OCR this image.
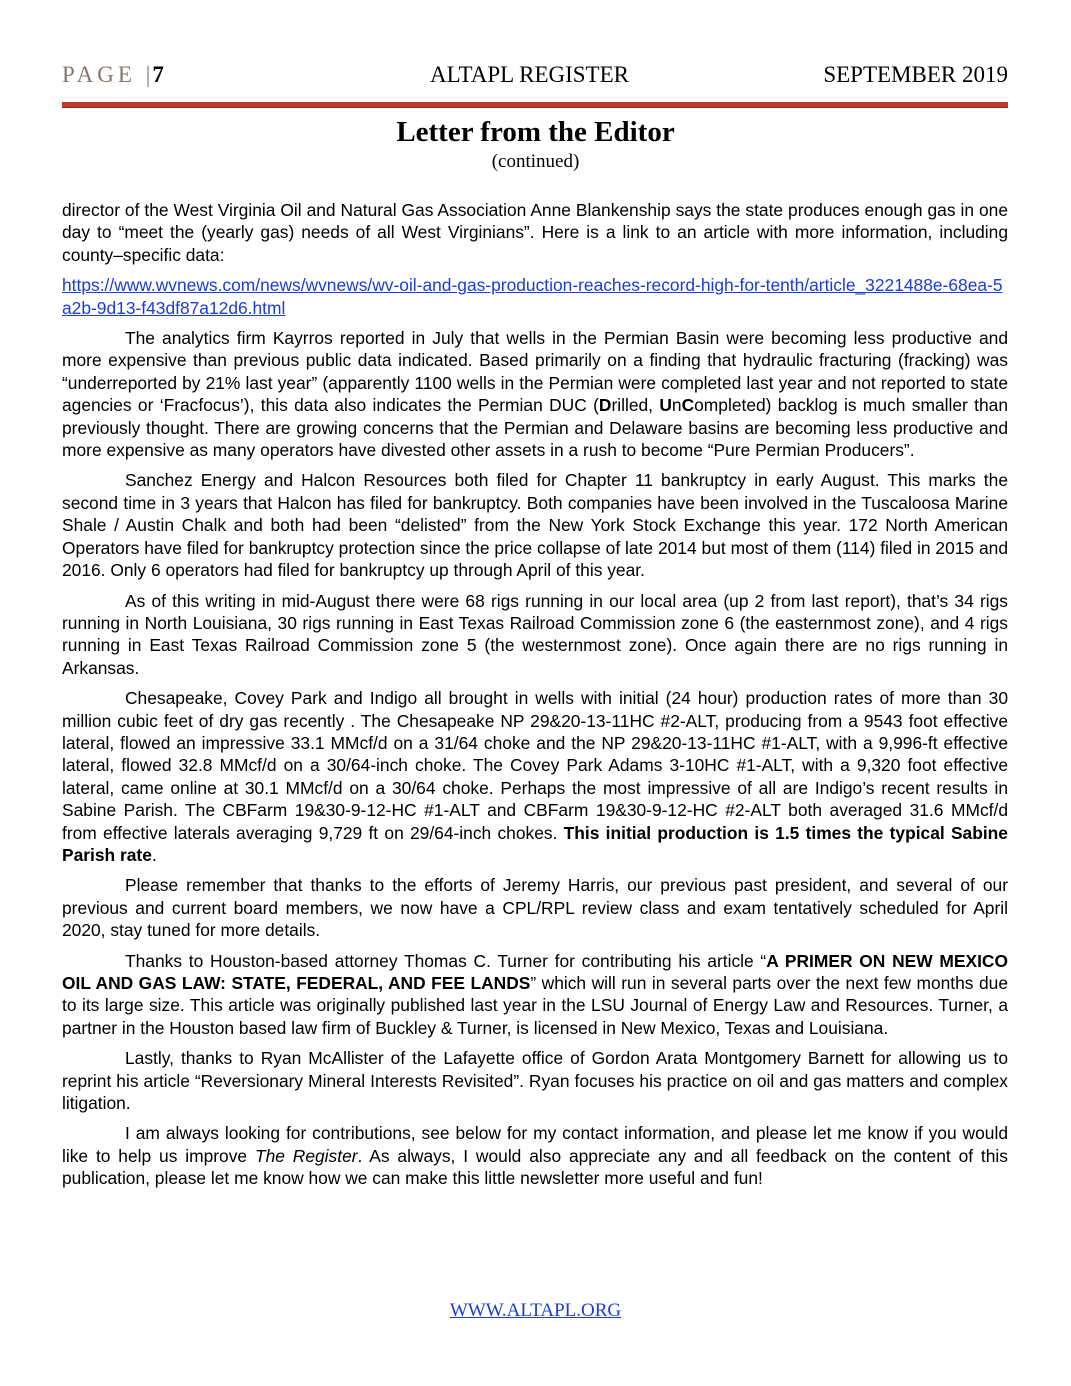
PAGE |7	ALTAPL REGISTER	SEPTEMBER 2019
Letter from the Editor
(continued)

director of the West Virginia Oil and Natural Gas Association Anne Blankenship says the state produces enough gas in one day to “meet the (yearly gas) needs of all West Virginians”. Here is a link to an article with more information, including county–specific data:

https://www.wvnews.com/news/wvnews/wv-oil-and-gas-production-reaches-record-high-for-tenth/article_3221488e-68ea-5a2b-9d13-f43df87a12d6.html

The analytics firm Kayrros reported in July that wells in the Permian Basin were becoming less productive and more expensive than previous public data indicated. Based primarily on a finding that hydraulic fracturing (fracking) was “underreported by 21% last year” (apparently 1100 wells in the Permian were completed last year and not reported to state agencies or ‘Fracfocus’), this data also indicates the Permian DUC (Drilled, UnCompleted) backlog is much smaller than previously thought. There are growing concerns that the Permian and Delaware basins are becoming less productive and more expensive as many operators have divested other assets in a rush to become “Pure Permian Producers”.

Sanchez Energy and Halcon Resources both filed for Chapter 11 bankruptcy in early August. This marks the second time in 3 years that Halcon has filed for bankruptcy. Both companies have been involved in the Tuscaloosa Marine Shale / Austin Chalk and both had been “delisted” from the New York Stock Exchange this year. 172 North American Operators have filed for bankruptcy protection since the price collapse of late 2014 but most of them (114) filed in 2015 and 2016. Only 6 operators had filed for bankruptcy up through April of this year.

As of this writing in mid-August there were 68 rigs running in our local area (up 2 from last report), that’s 34 rigs running in North Louisiana, 30 rigs running in East Texas Railroad Commission zone 6 (the easternmost zone), and 4 rigs running in East Texas Railroad Commission zone 5 (the westernmost zone). Once again there are no rigs running in Arkansas.

Chesapeake, Covey Park and Indigo all brought in wells with initial (24 hour) production rates of more than 30 million cubic feet of dry gas recently . The Chesapeake NP 29&20-13-11HC #2-ALT, producing from a 9543 foot effective lateral, flowed an impressive 33.1 MMcf/d on a 31/64 choke and the NP 29&20-13-11HC #1-ALT, with a 9,996-ft effective lateral, flowed 32.8 MMcf/d on a 30/64-inch choke. The Covey Park Adams 3-10HC #1-ALT, with a 9,320 foot effective lateral, came online at 30.1 MMcf/d on a 30/64 choke. Perhaps the most impressive of all are Indigo’s recent results in Sabine Parish. The CBFarm 19&30-9-12-HC #1-ALT and CBFarm 19&30-9-12-HC #2-ALT both averaged 31.6 MMcf/d from effective laterals averaging 9,729 ft on 29/64-inch chokes. This initial production is 1.5 times the typical Sabine Parish rate.

Please remember that thanks to the efforts of Jeremy Harris, our previous past president, and several of our previous and current board members, we now have a CPL/RPL review class and exam tentatively scheduled for April 2020, stay tuned for more details.

Thanks to Houston-based attorney Thomas C. Turner for contributing his article “A PRIMER ON NEW MEXICO OIL AND GAS LAW: STATE, FEDERAL, AND FEE LANDS” which will run in several parts over the next few months due to its large size. This article was originally published last year in the LSU Journal of Energy Law and Resources. Turner, a partner in the Houston based law firm of Buckley & Turner, is licensed in New Mexico, Texas and Louisiana.

Lastly, thanks to Ryan McAllister of the Lafayette office of Gordon Arata Montgomery Barnett for allowing us to reprint his article “Reversionary Mineral Interests Revisited”. Ryan focuses his practice on oil and gas matters and complex litigation.

I am always looking for contributions, see below for my contact information, and please let me know if you would like to help us improve The Register. As always, I would also appreciate any and all feedback on the content of this publication, please let me know how we can make this little newsletter more useful and fun!

WWW.ALTAPL.ORG
